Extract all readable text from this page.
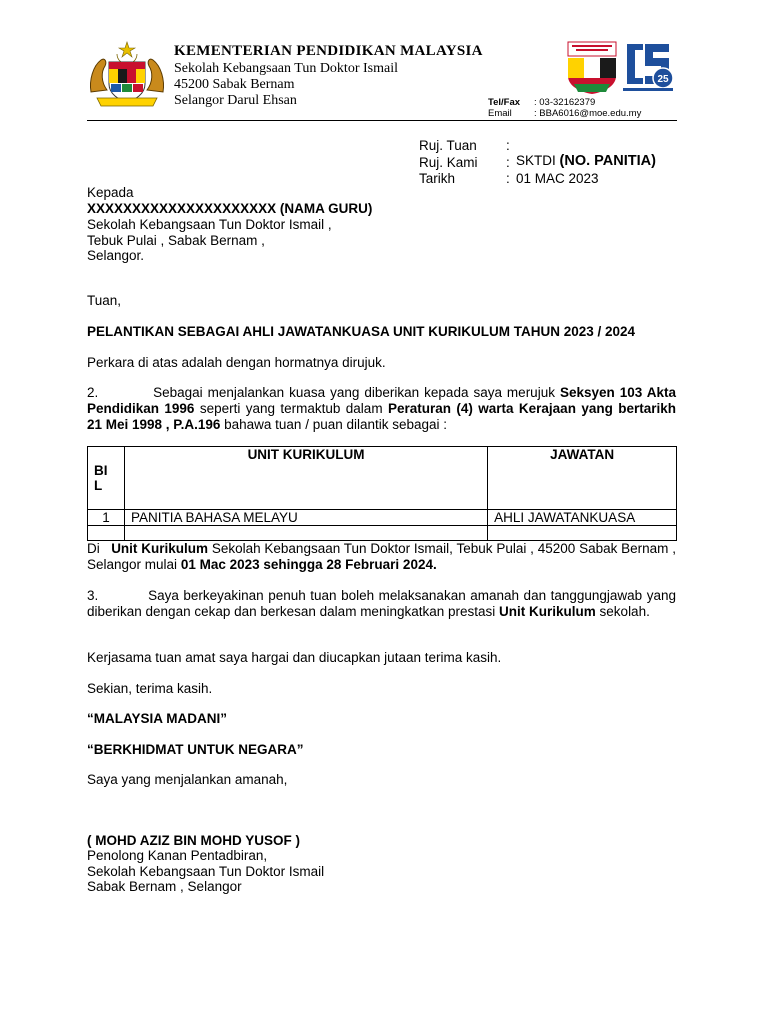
KEMENTERIAN PENDIDIKAN MALAYSIA
Sekolah Kebangsaan Tun Doktor Ismail
45200 Sabak Bernam
Selangor Darul Ehsan
25
Tel/Fax : 03-32162379
Email : BBA6016@moe.edu.my
Ruj. Tuan :
Ruj. Kami : SKTDI (NO. PANITIA)
Tarikh	: 01 MAC 2023
Kepada
XXXXXXXXXXXXXXXXXXXXX (NAMA GURU)
Sekolah Kebangsaan Tun Doktor Ismail ,
Tebuk Pulai , Sabak Bernam ,
Selangor.
Tuan,
PELANTIKAN SEBAGAI AHLI JAWATANKUASA UNIT KURIKULUM TAHUN 2023 / 2024
Perkara di atas adalah dengan hormatnya dirujuk.
2.	Sebagai menjalankan kuasa yang diberikan kepada saya merujuk Seksyen 103 Akta Pendidikan 1996 seperti yang termaktub dalam Peraturan (4) warta Kerajaan yang bertarikh 21 Mei 1998 , P.A.196 bahawa tuan / puan dilantik sebagai :
BI L	UNIT KURIKULUM	JAWATAN
1	PANITIA BAHASA MELAYU	AHLI JAWATANKUASA

Di Unit Kurikulum Sekolah Kebangsaan Tun Doktor Ismail, Tebuk Pulai , 45200 Sabak Bernam , Selangor mulai 01 Mac 2023 sehingga 28 Februari 2024.
3.	Saya berkeyakinan penuh tuan boleh melaksanakan amanah dan tanggungjawab yang diberikan dengan cekap dan berkesan dalam meningkatkan prestasi Unit Kurikulum sekolah.
Kerjasama tuan amat saya hargai dan diucapkan jutaan terima kasih.
Sekian, terima kasih.
“MALAYSIA MADANI”
“BERKHIDMAT UNTUK NEGARA”
Saya yang menjalankan amanah,
( MOHD AZIZ BIN MOHD YUSOF )
Penolong Kanan Pentadbiran,
Sekolah Kebangsaan Tun Doktor Ismail
Sabak Bernam , Selangor
